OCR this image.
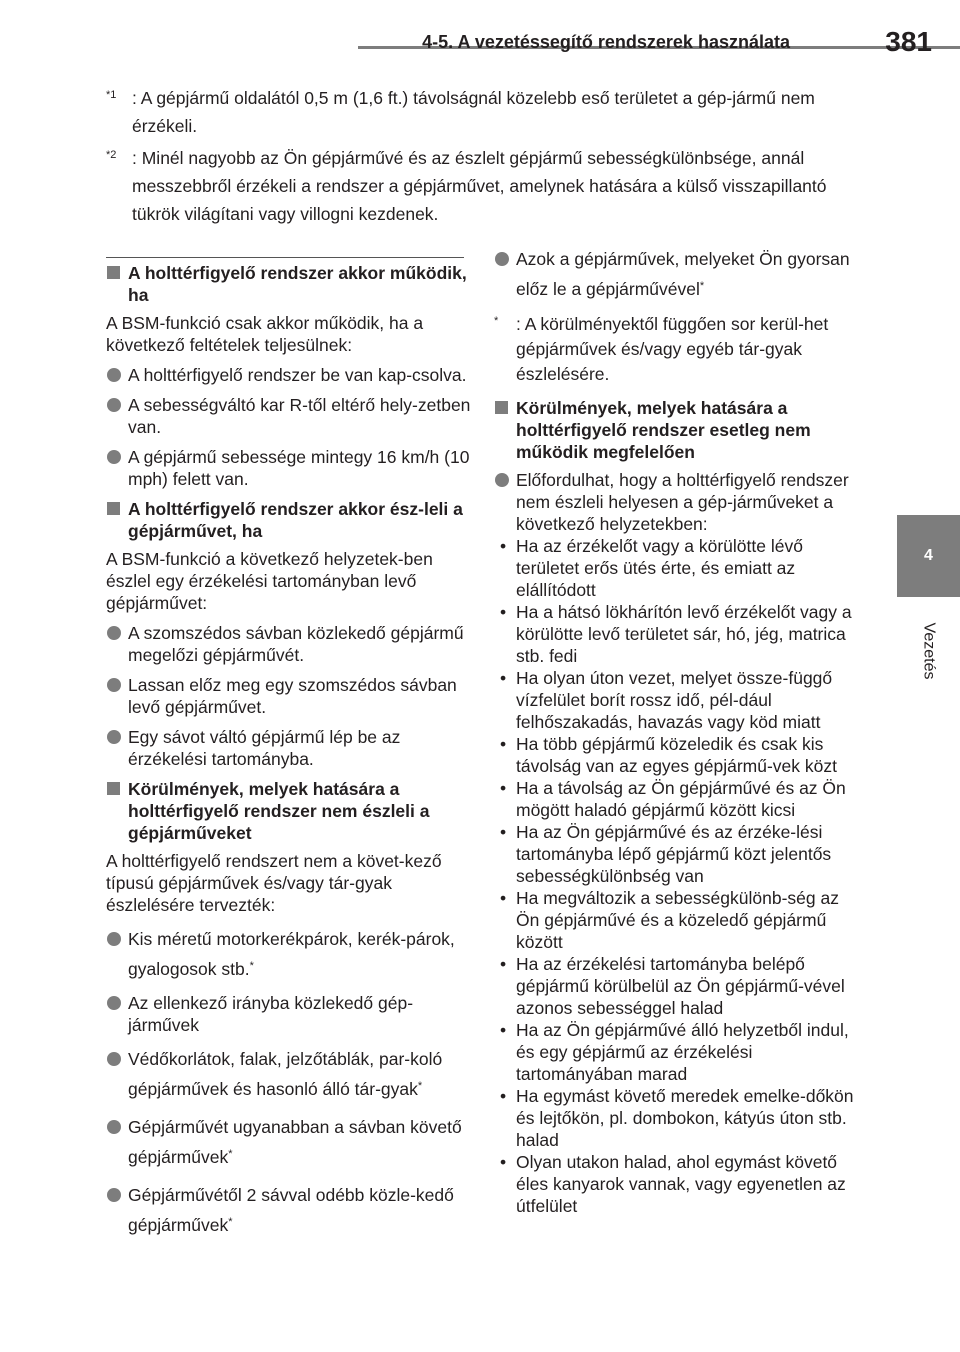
4-5. A vezetéssegítő rendszerek használata	381

4
Vezetés
$^{*1}$ : A gépjármű oldalától 0,5 m (1,6 ft.) távolságnál közelebb eső területet a gép-jármű nem érzékeli.

$^{*2}$ : Minél nagyobb az Ön gépjárművé és az észlelt gépjármű sebességkülönbsége, annál messzebbről érzékeli a rendszer a gépjárművet, amelynek hatására a külső visszapillantó tükrök világítani vagy villogni kezdenek.

A holttérfigyelő rendszer akkor működik, ha

A BSM-funkció csak akkor működik, ha a következő feltételek teljesülnek:

A holttérfigyelő rendszer be van kap-csolva.
A sebességváltó kar R-től eltérő hely-zetben van.
A gépjármű sebessége mintegy 16 km/h (10 mph) felett van.
A holttérfigyelő rendszer akkor ész-leli a gépjárművet, ha

A BSM-funkció a következő helyzetek-ben észlel egy érzékelési tartományban levő gépjárművet:

A szomszédos sávban közlekedő gépjármű megelőzi gépjárművét.
Lassan előz meg egy szomszédos sávban levő gépjárművet.
Egy sávot váltó gépjármű lép be az érzékelési tartományba.
Körülmények, melyek hatására a holttérfigyelő rendszer nem észleli a gépjárműveket

A holttérfigyelő rendszert nem a követ-kező típusú gépjárművek és/vagy tár-gyak észlelésére tervezték:

Kis méretű motorkerékpárok, kerék-párok, gyalogosok stb.*
Az ellenkező irányba közlekedő gép-járművek
Védőkorlátok, falak, jelzőtáblák, par-koló gépjárművek és hasonló álló tár-gyak*
Gépjárművét ugyanabban a sávban követő gépjárművek*
Gépjárművétől 2 sávval odébb közle-kedő gépjárművek*
Azok a gépjárművek, melyeket Ön gyorsan előz le a gépjárművével*
* : A körülményektől függően sor kerül-het gépjárművek és/vagy egyéb tár-gyak észlelésére.
Körülmények, melyek hatására a holttérfigyelő rendszer esetleg nem működik megfelelően
Előfordulhat, hogy a holttérfigyelő rendszer nem észleli helyesen a gép-járműveket a következő helyzetekben:
• Ha az érzékelőt vagy a körülötte lévő területet erős ütés érte, és emiatt az elállítódott
• Ha a hátsó lökhárítón levő érzékelőt vagy a körülötte levő területet sár, hó, jég, matrica stb. fedi
• Ha olyan úton vezet, melyet össze-függő vízfelület borít rossz idő, pél-dául felhőszakadás, havazás vagy köd miatt
• Ha több gépjármű közeledik és csak kis távolság van az egyes gépjármű-vek közt
• Ha a távolság az Ön gépjárművé és az Ön mögött haladó gépjármű között kicsi
• Ha az Ön gépjárművé és az érzéke-lési tartományba lépő gépjármű közt jelentős sebességkülönbség van
• Ha megváltozik a sebességkülönb-ség az Ön gépjárművé és a közeledő gépjármű között
• Ha az érzékelési tartományba belépő gépjármű körülbelül az Ön gépjármű-vével azonos sebességgel halad
• Ha az Ön gépjárművé álló helyzetből indul, és egy gépjármű az érzékelési tartományában marad
• Ha egymást követő meredek emelke-dőkön és lejtőkön, pl. dombokon, kátyús úton stb. halad
• Olyan utakon halad, ahol egymást követő éles kanyarok vannak, vagy egyenetlen az útfelület
